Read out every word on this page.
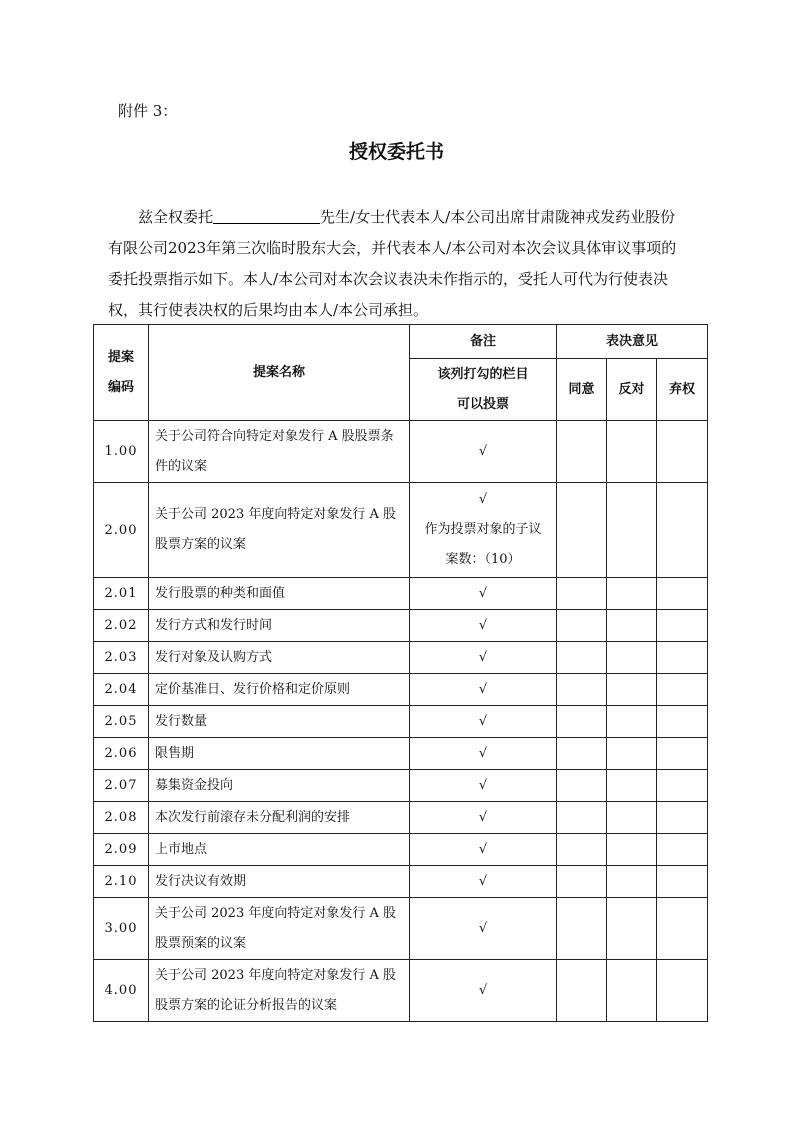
附件 3：
授权委托书

兹全权委托	先生/女士代表本人/本公司出席甘肃陇神戎发药业股份有限公司2023年第三次临时股东大会，并代表本人/本公司对本次会议具体审议事项的委托投票指示如下。本人/本公司对本次会议表决未作指示的，受托人可代为行使表决权，其行使表决权的后果均由本人/本公司承担。

提案编码	提案名称	备注	表决意见		
		该列打勾的栏目可以投票	同意	反对	弃权
1.00	关于公司符合向特定对象发行 A 股股票条件的议案	√			

2.00	关于公司 2023 年度向特定对象发行 A 股股票方案的议案	√
作为投票对象的子议案数：（10）			

2.01	发行股票的种类和面值	√			

2.02	发行方式和发行时间	√			

2.03	发行对象及认购方式	√			

2.04	定价基准日、发行价格和定价原则	√			

2.05	发行数量	√			

2.06	限售期	√			

2.07	募集资金投向	√			

2.08	本次发行前滚存未分配利润的安排	√			

2.09	上市地点	√			

2.10	发行决议有效期	√			

3.00	关于公司 2023 年度向特定对象发行 A 股股票预案的议案	√			

4.00	关于公司 2023 年度向特定对象发行 A 股股票方案的论证分析报告的议案	√			
